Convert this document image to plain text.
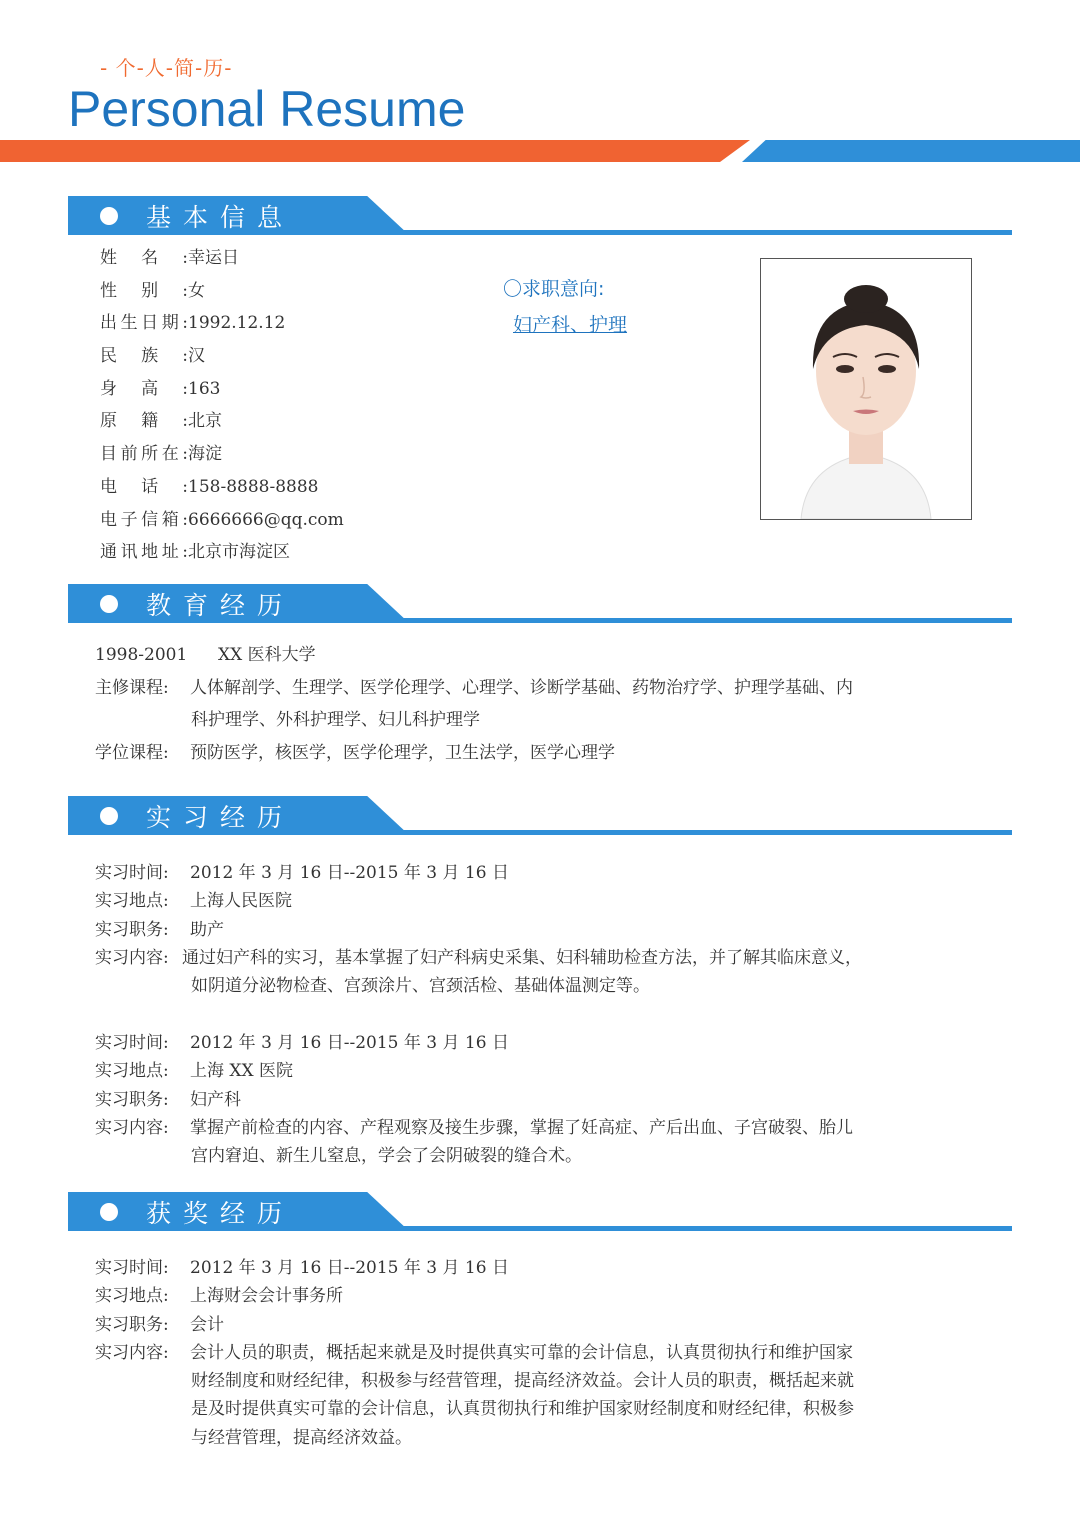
- 个-人-简-历-
Personal Resume
基本信息
姓名:幸运日
性别:女
出生日期:1992.12.12
民族:汉
身高:163
原籍:北京
目前所在:海淀
电话:158-8888-8888
电子信箱:6666666@qq.com
通讯地址:北京市海淀区
〇求职意向:
妇产科、护理
教育经历
1998-2001 XX 医科大学
主修课程: 人体解剖学、生理学、医学伦理学、心理学、诊断学基础、药物治疗学、护理学基础、内
科护理学、外科护理学、妇儿科护理学
学位课程: 预防医学，核医学，医学伦理学，卫生法学，医学心理学
实习经历
实习时间: 2012 年 3 月 16 日--2015 年 3 月 16 日
实习地点: 上海人民医院
实习职务: 助产
实习内容: 通过妇产科的实习，基本掌握了妇产科病史采集、妇科辅助检查方法，并了解其临床意义，
如阴道分泌物检查、宫颈涂片、宫颈活检、基础体温测定等。
实习时间: 2012 年 3 月 16 日--2015 年 3 月 16 日
实习地点: 上海 XX 医院
实习职务: 妇产科
实习内容: 掌握产前检查的内容、产程观察及接生步骤，掌握了妊高症、产后出血、子宫破裂、胎儿
宫内窘迫、新生儿窒息，学会了会阴破裂的缝合术。
获奖经历
实习时间: 2012 年 3 月 16 日--2015 年 3 月 16 日
实习地点: 上海财会会计事务所
实习职务: 会计
实习内容: 会计人员的职责，概括起来就是及时提供真实可靠的会计信息，认真贯彻执行和维护国家
财经制度和财经纪律，积极参与经营管理，提高经济效益。会计人员的职责，概括起来就
是及时提供真实可靠的会计信息，认真贯彻执行和维护国家财经制度和财经纪律，积极参
与经营管理，提高经济效益。
